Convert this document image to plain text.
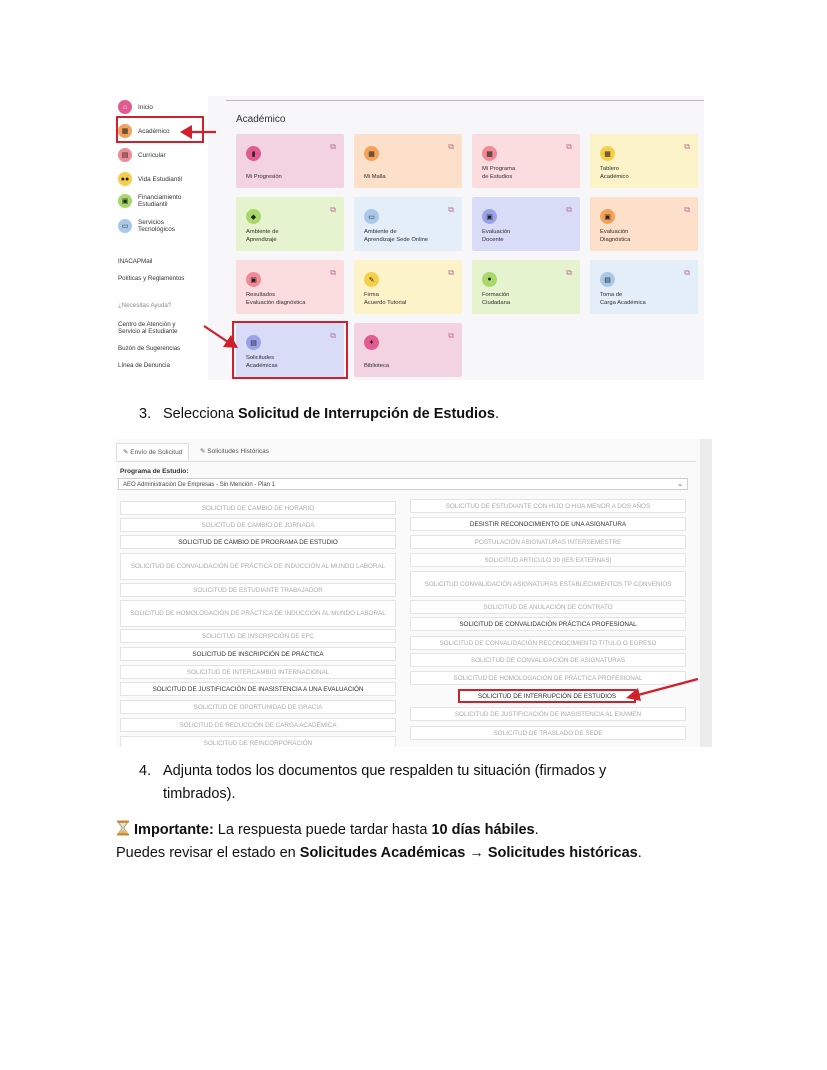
⌂	Inicio
▦	Académico
▤	Curricular
●●	Vida Estudiantil
▣	Financiamiento
Estudiantil
▭	Servicios
Tecnológicos
INACAPMail
Políticas y Reglamentos
¿Necesitas Ayuda?
Centro de Atención y
Servicio al Estudiante
Buzón de Sugerencias
Línea de Denuncia
Académico
▮
⧉
Mi Progresión
▦
⧉
Mi Malla
▦
⧉
Mi Programa
de Estudios
▦
⧉
Tablero
Académico
◆
⧉
Ambiente de
Aprendizaje
▭
⧉
Ambiente de
Aprendizaje Sede Online
▣
⧉
Evaluación
Docente
▣
⧉
Evaluación
Diagnóstica
▣
⧉
Resultados
Evaluación diagnóstica
✎
⧉
Firma
Acuerdo Tutorial
●
⧉
Formación
Ciudadana
▤
⧉
Toma de
Carga Académica
▤
⧉
Solicitudes
Académicas
♦
⧉
Biblioteca
3. Selecciona Solicitud de Interrupción de Estudios.
✎ Envío de Solicitud	✎ Solicitudes Históricas
Programa de Estudio:
AEO Administración De Empresas - Sin Mención - Plan 1	⌄
SOLICITUD DE CAMBIO DE HORARIO
SOLICITUD DE CAMBIO DE JORNADA
SOLICITUD DE CAMBIO DE PROGRAMA DE ESTUDIO
SOLICITUD DE CONVALIDACIÓN DE PRÁCTICA DE INDUCCIÓN AL MUNDO LABORAL
SOLICITUD DE ESTUDIANTE TRABAJADOR
SOLICITUD DE HOMOLOGACIÓN DE PRÁCTICA DE INDUCCIÓN AL MUNDO LABORAL
SOLICITUD DE INSCRIPCIÓN DE EFC
SOLICITUD DE INSCRIPCIÓN DE PRÁCTICA
SOLICITUD DE INTERCAMBIO INTERNACIONAL
SOLICITUD DE JUSTIFICACIÓN DE INASISTENCIA A UNA EVALUACIÓN
SOLICITUD DE OPORTUNIDAD DE GRACIA
SOLICITUD DE REDUCCIÓN DE CARGA ACADÉMICA
SOLICITUD DE REINCORPORACIÓN
SOLICITUD DE ESTUDIANTE CON HIJO O HIJA MENOR A DOS AÑOS
DESISTIR RECONOCIMIENTO DE UNA ASIGNATURA
POSTULACIÓN ASIGNATURAS INTERSEMESTRE
SOLICITUD ARTICULO 39 (IES EXTERNAS)
SOLICITUD CONVALIDACIÓN ASIGNATURAS ESTABLECIMIENTOS TP CONVENIOS
SOLICITUD DE ANULACIÓN DE CONTRATO
SOLICITUD DE CONVALIDACIÓN PRÁCTICA PROFESIONAL
SOLICITUD DE CONVALIDACIÓN RECONOCIMIENTO TITULO O EGRESO
SOLICITUD DE CONVALIDACIÓN DE ASIGNATURAS
SOLICITUD DE HOMOLOGACIÓN DE PRÁCTICA PROFESIONAL
SOLICITUD DE INTERRUPCIÓN DE ESTUDIOS
SOLICITUD DE JUSTIFICACIÓN DE INASISTENCIA AL EXAMEN
SOLICITUD DE TRASLADO DE SEDE
4. Adjunta todos los documentos que respalden tu situación (firmados y
timbrados).
Importante: La respuesta puede tardar hasta 10 días hábiles.
Puedes revisar el estado en Solicitudes Académicas → Solicitudes históricas.
